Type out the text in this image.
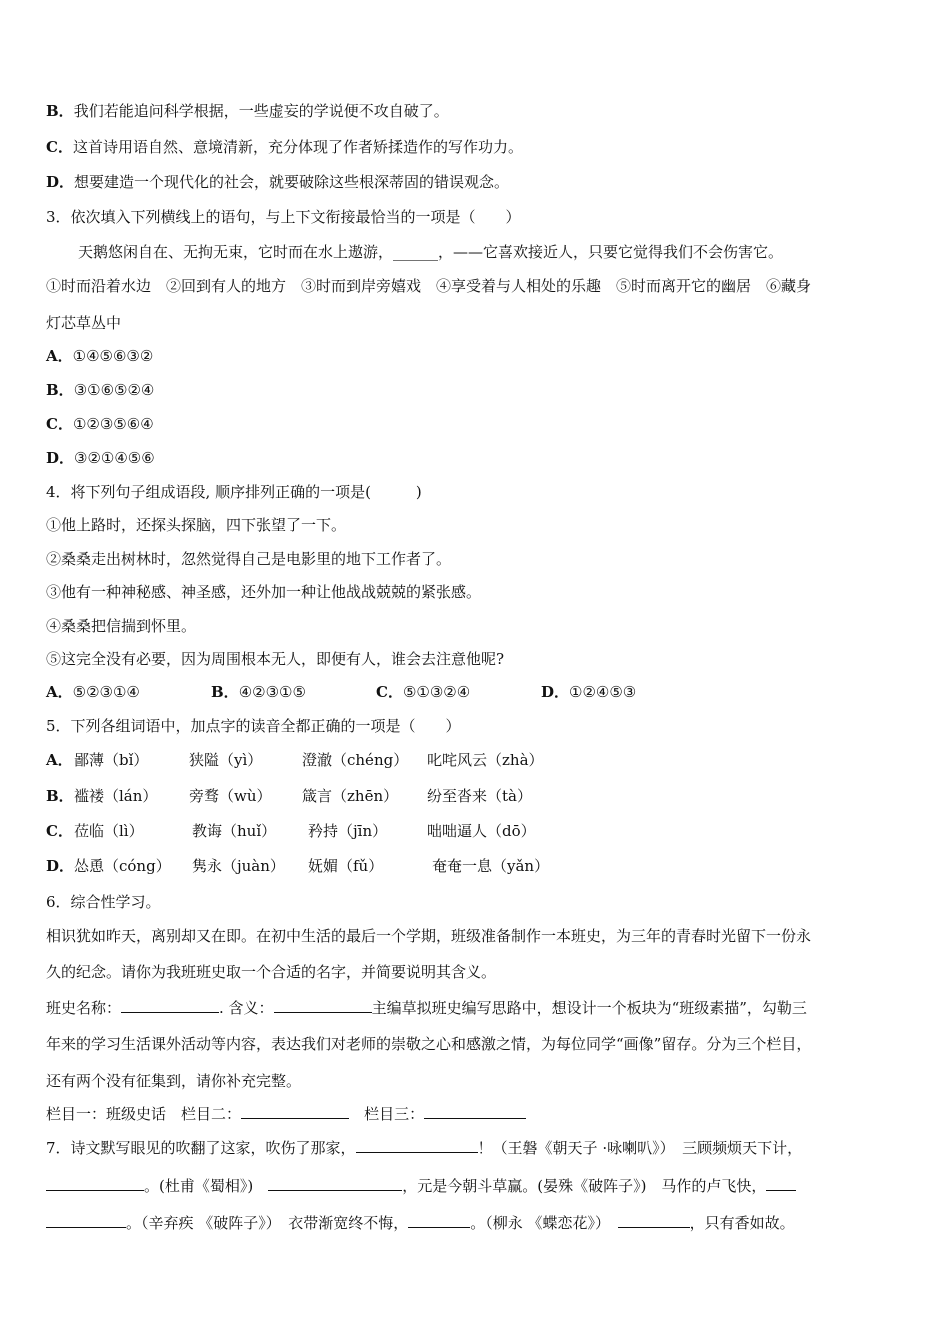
B．我们若能追问科学根据，一些虚妄的学说便不攻自破了。
C．这首诗用语自然、意境清新，充分体现了作者矫揉造作的写作功力。
D．想要建造一个现代化的社会，就要破除这些根深蒂固的错误观念。
3．依次填入下列横线上的语句，与上下文衔接最恰当的一项是（　　）
天鹅悠闲自在、无拘无束，它时而在水上遨游，______，——它喜欢接近人，只要它觉得我们不会伤害它。
①时而沿着水边　②回到有人的地方　③时而到岸旁嬉戏　④享受着与人相处的乐趣　⑤时而离开它的幽居　⑥藏身
灯芯草丛中
A．①④⑤⑥③②
B．③①⑥⑤②④
C．①②③⑤⑥④
D．③②①④⑤⑥
4．将下列句子组成语段, 顺序排列正确的一项是(　　　)
①他上路时，还探头探脑，四下张望了一下。
②桑桑走出树林时，忽然觉得自己是电影里的地下工作者了。
③他有一种神秘感、神圣感，还外加一种让他战战兢兢的紧张感。
④桑桑把信揣到怀里。
⑤这完全没有必要，因为周围根本无人，即便有人，谁会去注意他呢?
A．⑤②③①④	B．④②③①⑤	C．⑤①③②④	D．①②④⑤③
5．下列各组词语中，加点字的读音全都正确的一项是（　　）
A．鄙薄（bǐ）	狭隘（yì）	澄澈（chéng） 叱咤风云（zhà）
B．褴褛（lán） 旁骛（wù） 箴言（zhēn） 纷至沓来（tà）
C．莅临（lì）	教诲（huǐ） 矜持（jīn）	咄咄逼人（dō）
D．怂恿（cóng） 隽永（juàn） 妩媚（fǔ）	奄奄一息（yǎn）
6．综合性学习。
相识犹如昨天，离别却又在即。在初中生活的最后一个学期，班级准备制作一本班史，为三年的青春时光留下一份永
久的纪念。请你为我班班史取一个合适的名字，并简要说明其含义。
班史名称：	. 含义：	主编草拟班史编写思路中，想设计一个板块为“班级素描”，勾勒三
年来的学习生活课外活动等内容，表达我们对老师的崇敬之心和感激之情，为每位同学“画像”留存。分为三个栏目，
还有两个没有征集到，请你补充完整。
栏目一：班级史话　 栏目二：　	栏目三：
7．诗文默写眼见的吹翻了这家，吹伤了那家，	！（王磐《朝天子 ·咏喇叭》）　三顾频烦天下计，
。(杜甫《蜀相》)　	，元是今朝斗草赢。(晏殊《破阵子》)　马作的卢飞快，
。（辛弃疾 《破阵子》）　衣带渐宽终不悔，	。（柳永 《蝶恋花》）　	，只有香如故。
